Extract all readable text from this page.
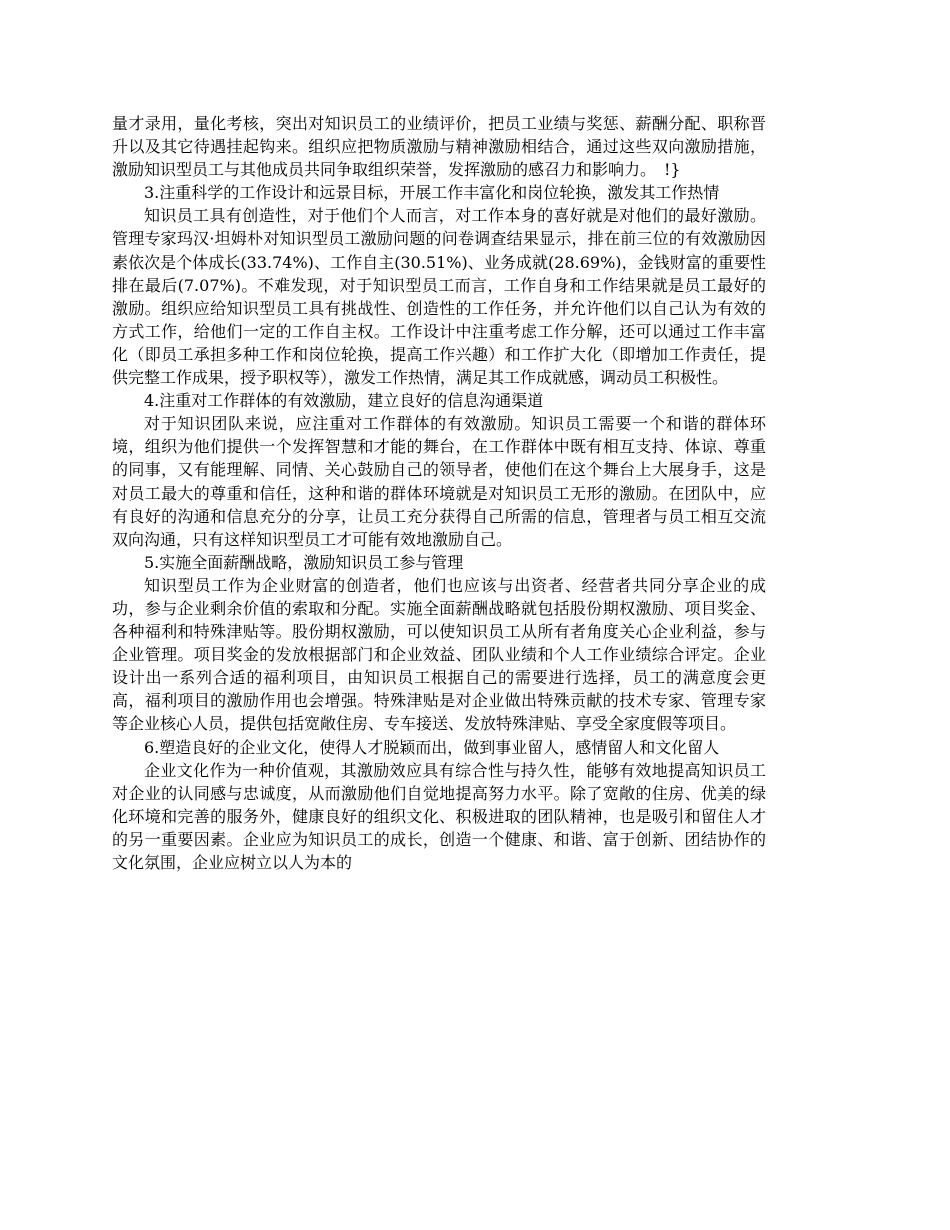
量才录用，量化考核，突出对知识员工的业绩评价，把员工业绩与奖惩、薪酬分配、职称晋升以及其它待遇挂起钩来。组织应把物质激励与精神激励相结合，通过这些双向激励措施，激励知识型员工与其他成员共同争取组织荣誉，发挥激励的感召力和影响力。　!}

3.注重科学的工作设计和远景目标，开展工作丰富化和岗位轮换，激发其工作热情

知识员工具有创造性，对于他们个人而言，对工作本身的喜好就是对他们的最好激励。管理专家玛汉·坦姆朴对知识型员工激励问题的问卷调查结果显示，排在前三位的有效激励因素依次是个体成长(33.74%)、工作自主(30.51%)、业务成就(28.69%)，金钱财富的重要性排在最后(7.07%)。不难发现，对于知识型员工而言，工作自身和工作结果就是员工最好的激励。组织应给知识型员工具有挑战性、创造性的工作任务，并允许他们以自己认为有效的方式工作，给他们一定的工作自主权。工作设计中注重考虑工作分解，还可以通过工作丰富化（即员工承担多种工作和岗位轮换，提高工作兴趣）和工作扩大化（即增加工作责任，提供完整工作成果，授予职权等），激发工作热情，满足其工作成就感，调动员工积极性。

4.注重对工作群体的有效激励，建立良好的信息沟通渠道

对于知识团队来说，应注重对工作群体的有效激励。知识员工需要一个和谐的群体环境，组织为他们提供一个发挥智慧和才能的舞台，在工作群体中既有相互支持、体谅、尊重的同事，又有能理解、同情、关心鼓励自己的领导者，使他们在这个舞台上大展身手，这是对员工最大的尊重和信任，这种和谐的群体环境就是对知识员工无形的激励。在团队中，应有良好的沟通和信息充分的分享，让员工充分获得自己所需的信息，管理者与员工相互交流双向沟通，只有这样知识型员工才可能有效地激励自己。

5.实施全面薪酬战略，激励知识员工参与管理

知识型员工作为企业财富的创造者，他们也应该与出资者、经营者共同分享企业的成功，参与企业剩余价值的索取和分配。实施全面薪酬战略就包括股份期权激励、项目奖金、各种福利和特殊津贴等。股份期权激励，可以使知识员工从所有者角度关心企业利益，参与企业管理。项目奖金的发放根据部门和企业效益、团队业绩和个人工作业绩综合评定。企业设计出一系列合适的福利项目，由知识员工根据自己的需要进行选择，员工的满意度会更高，福利项目的激励作用也会增强。特殊津贴是对企业做出特殊贡献的技术专家、管理专家等企业核心人员，提供包括宽敞住房、专车接送、发放特殊津贴、享受全家度假等项目。

6.塑造良好的企业文化，使得人才脱颖而出，做到事业留人，感情留人和文化留人

企业文化作为一种价值观，其激励效应具有综合性与持久性，能够有效地提高知识员工对企业的认同感与忠诚度，从而激励他们自觉地提高努力水平。除了宽敞的住房、优美的绿化环境和完善的服务外，健康良好的组织文化、积极进取的团队精神，也是吸引和留住人才的另一重要因素。企业应为知识员工的成长，创造一个健康、和谐、富于创新、团结协作的文化氛围，企业应树立以人为本的
